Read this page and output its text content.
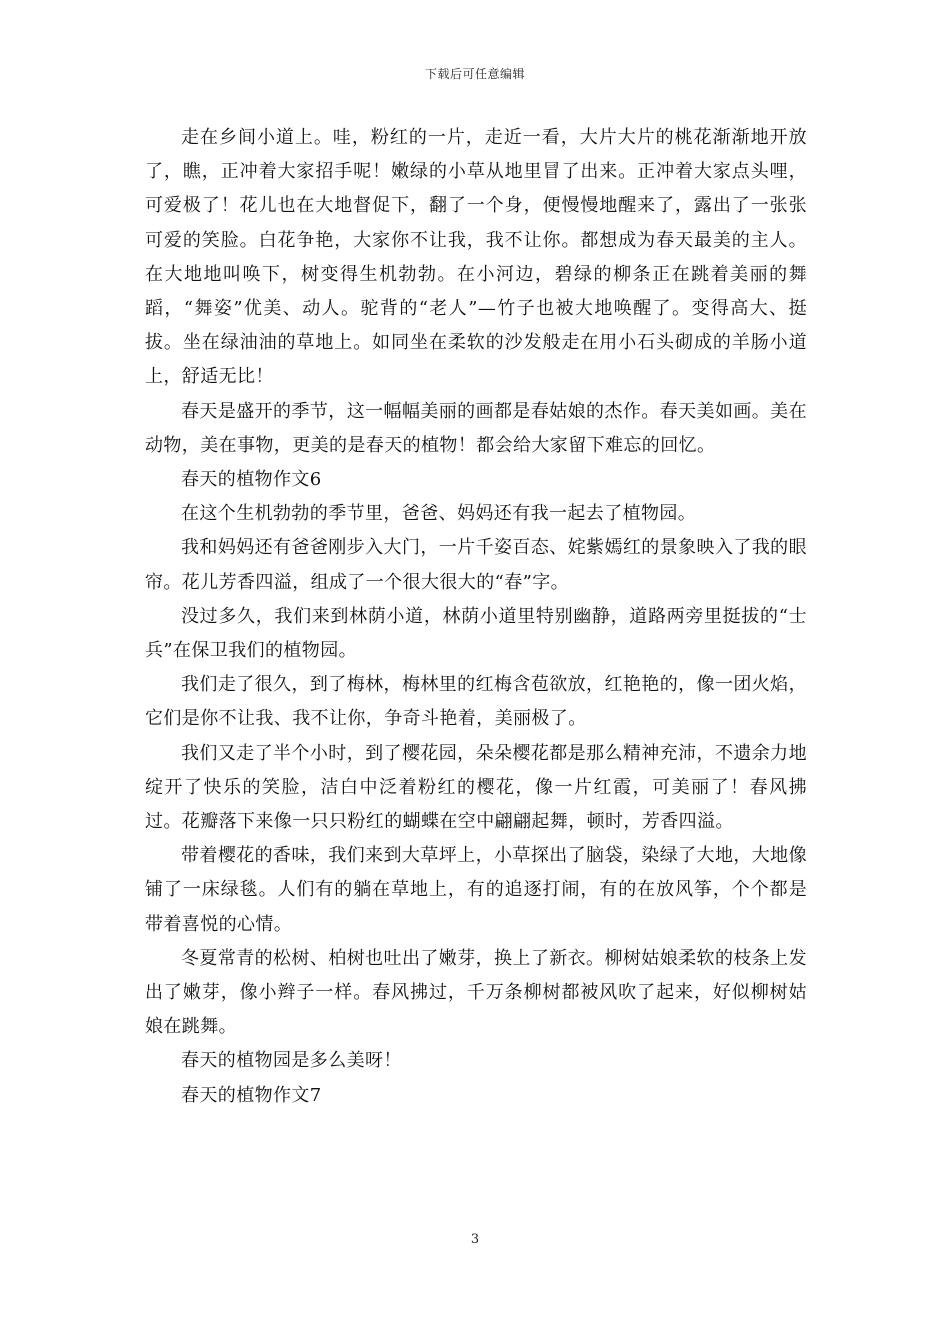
下载后可任意编辑

走在乡间小道上。哇，粉红的一片，走近一看，大片大片的桃花渐渐地开放了，瞧，正冲着大家招手呢！嫩绿的小草从地里冒了出来。正冲着大家点头哩，可爱极了！花儿也在大地督促下，翻了一个身，便慢慢地醒来了，露出了一张张可爱的笑脸。白花争艳，大家你不让我，我不让你。都想成为春天最美的主人。在大地地叫唤下，树变得生机勃勃。在小河边，碧绿的柳条正在跳着美丽的舞蹈，“舞姿”优美、动人。驼背的“老人”—竹子也被大地唤醒了。变得高大、挺拔。坐在绿油油的草地上。如同坐在柔软的沙发般走在用小石头砌成的羊肠小道上，舒适无比！

春天是盛开的季节，这一幅幅美丽的画都是春姑娘的杰作。春天美如画。美在动物，美在事物，更美的是春天的植物！都会给大家留下难忘的回忆。

春天的植物作文6

在这个生机勃勃的季节里，爸爸、妈妈还有我一起去了植物园。

我和妈妈还有爸爸刚步入大门，一片千姿百态、姹紫嫣红的景象映入了我的眼帘。花儿芳香四溢，组成了一个很大很大的“春”字。

没过多久，我们来到林荫小道，林荫小道里特别幽静，道路两旁里挺拔的“士兵”在保卫我们的植物园。

我们走了很久，到了梅林，梅林里的红梅含苞欲放，红艳艳的，像一团火焰，它们是你不让我、我不让你，争奇斗艳着，美丽极了。

我们又走了半个小时，到了樱花园，朵朵樱花都是那么精神充沛，不遗余力地绽开了快乐的笑脸，洁白中泛着粉红的樱花，像一片红霞，可美丽了！春风拂过。花瓣落下来像一只只粉红的蝴蝶在空中翩翩起舞，顿时，芳香四溢。

带着樱花的香味，我们来到大草坪上，小草探出了脑袋，染绿了大地，大地像铺了一床绿毯。人们有的躺在草地上，有的追逐打闹，有的在放风筝，个个都是带着喜悦的心情。

冬夏常青的松树、柏树也吐出了嫩芽，换上了新衣。柳树姑娘柔软的枝条上发出了嫩芽，像小辫子一样。春风拂过，千万条柳树都被风吹了起来，好似柳树姑娘在跳舞。

春天的植物园是多么美呀！

春天的植物作文7

3
